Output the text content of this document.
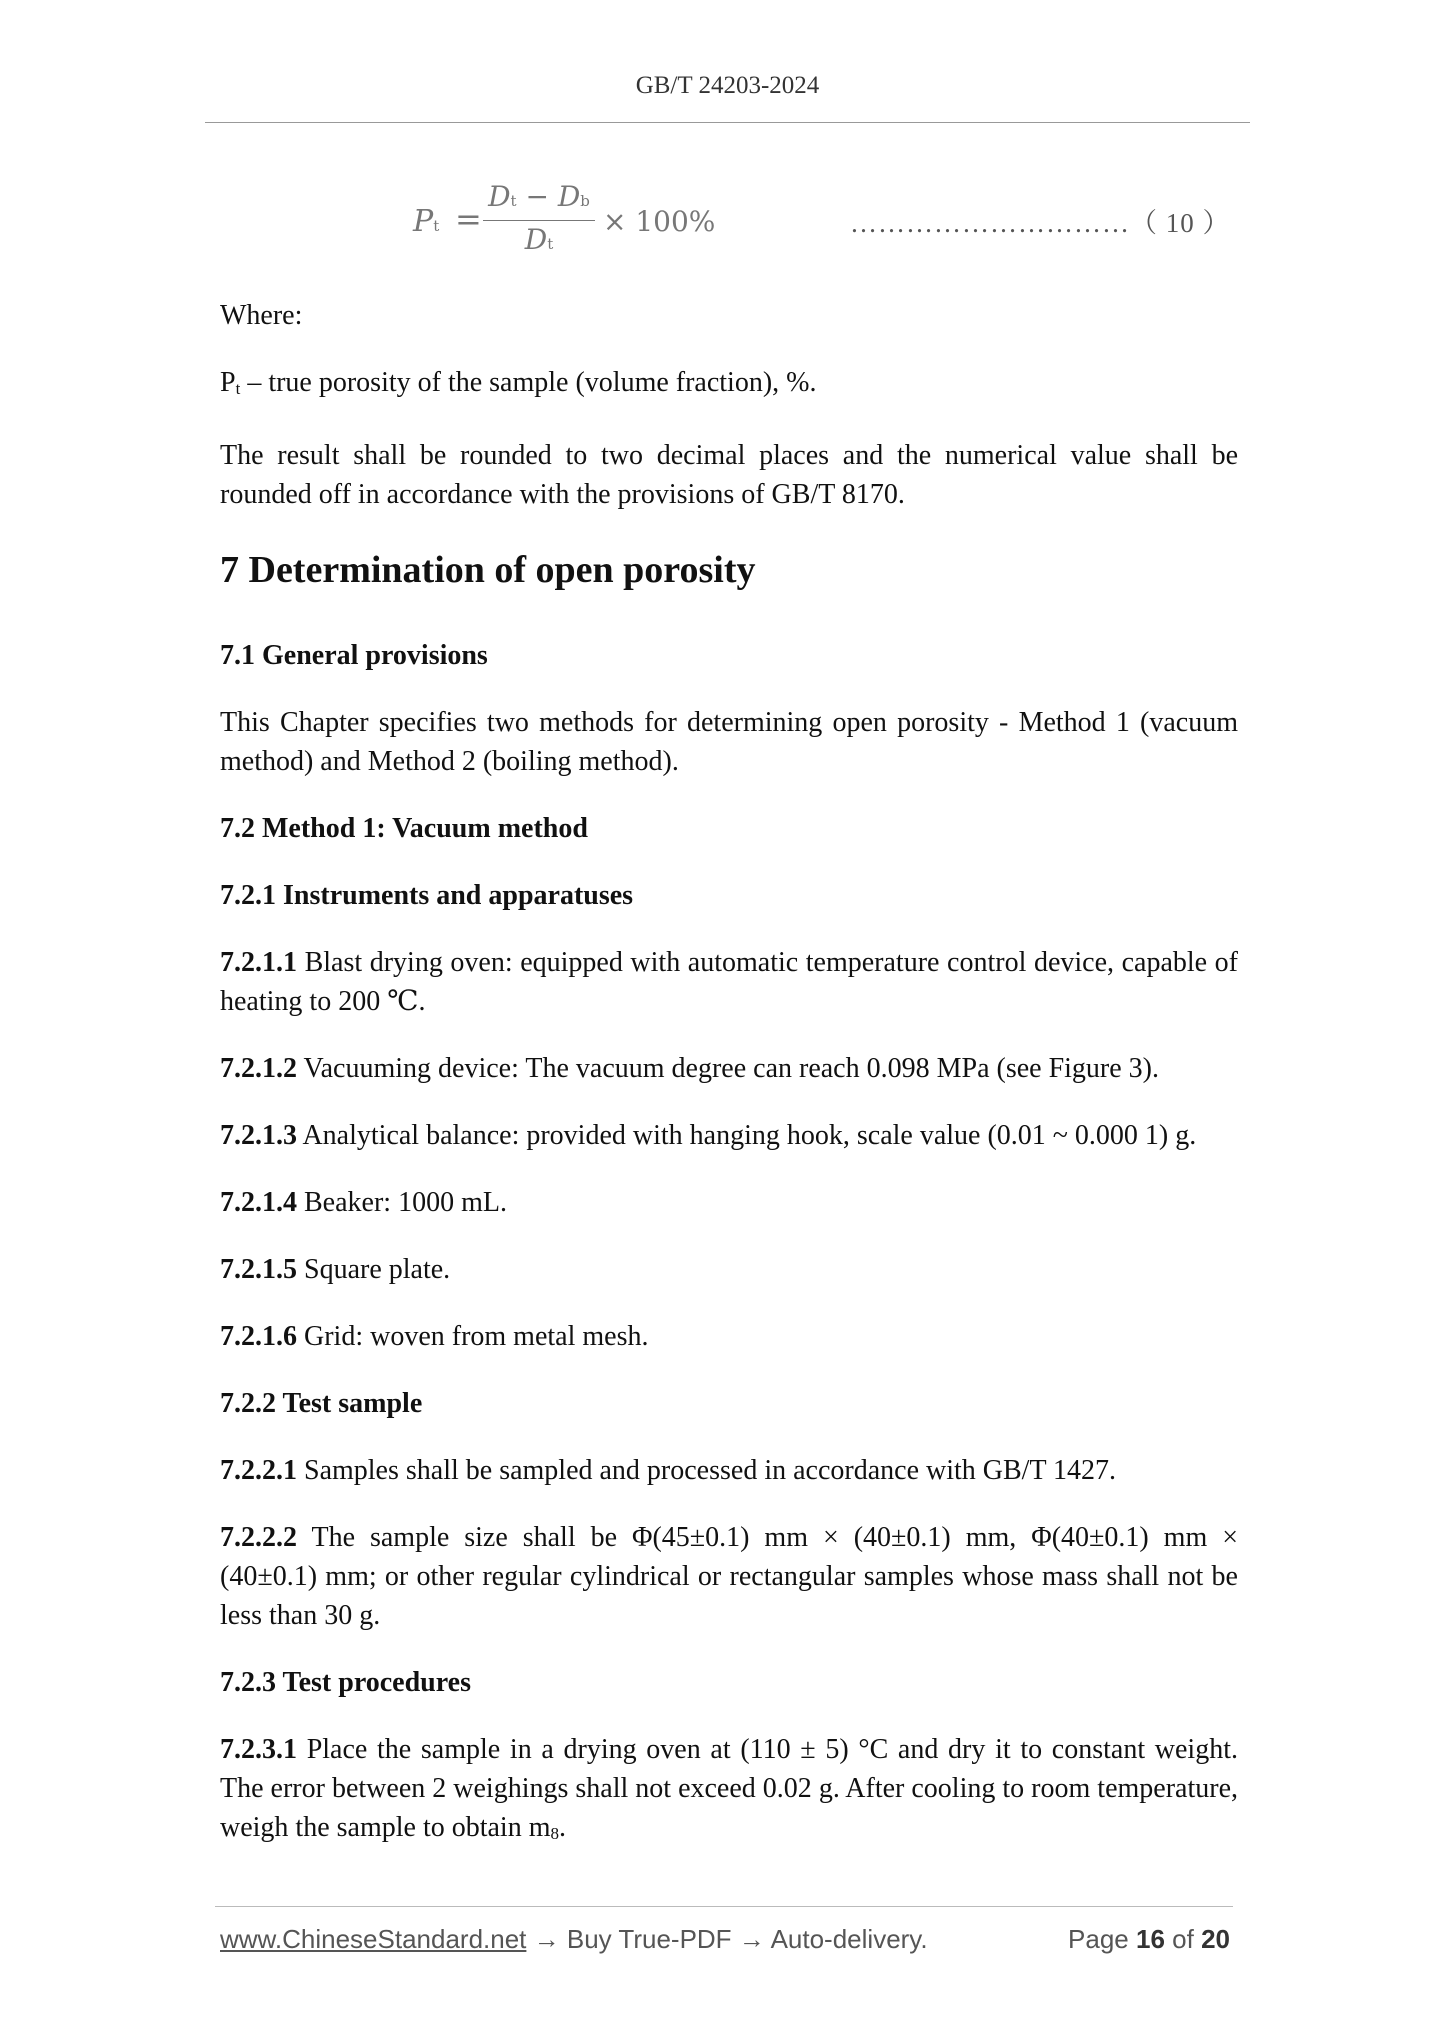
GB/T 24203-2024
Pt =
Dt − Db
Dt
× 100%	…………………………（ 10 ）

Where:

Pt – true porosity of the sample (volume fraction), %.

The result shall be rounded to two decimal places and the numerical value shall be rounded off in accordance with the provisions of GB/T 8170.

7 Determination of open porosity

7.1 General provisions

This Chapter specifies two methods for determining open porosity - Method 1 (vacuum method) and Method 2 (boiling method).

7.2 Method 1: Vacuum method

7.2.1 Instruments and apparatuses

7.2.1.1 Blast drying oven: equipped with automatic temperature control device, capable of heating to 200 ℃.

7.2.1.2 Vacuuming device: The vacuum degree can reach 0.098 MPa (see Figure 3).

7.2.1.3 Analytical balance: provided with hanging hook, scale value (0.01 ~ 0.000 1) g.

7.2.1.4 Beaker: 1000 mL.

7.2.1.5 Square plate.

7.2.1.6 Grid: woven from metal mesh.

7.2.2 Test sample

7.2.2.1 Samples shall be sampled and processed in accordance with GB/T 1427.

7.2.2.2 The sample size shall be Φ(45±0.1) mm × (40±0.1) mm, Φ(40±0.1) mm × (40±0.1) mm; or other regular cylindrical or rectangular samples whose mass shall not be less than 30 g.

7.2.3 Test procedures

7.2.3.1 Place the sample in a drying oven at (110 ± 5) °C and dry it to constant weight. The error between 2 weighings shall not exceed 0.02 g. After cooling to room temperature, weigh the sample to obtain m8.

www.ChineseStandard.net → Buy True-PDF → Auto-delivery.	Page 16 of 20
